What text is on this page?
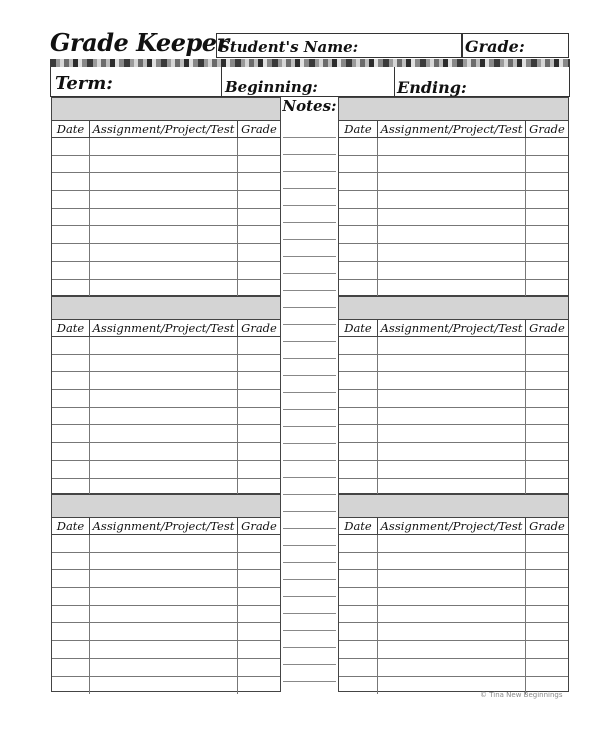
Grade Keeper
Student's Name:	Grade:
Term:	Beginning:	Ending:
Notes:
Date Assignment/Project/Test Grade
Date Assignment/Project/Test Grade
Date Assignment/Project/Test Grade
Date Assignment/Project/Test Grade
Date Assignment/Project/Test Grade
Date Assignment/Project/Test Grade
© Tina New Beginnings
